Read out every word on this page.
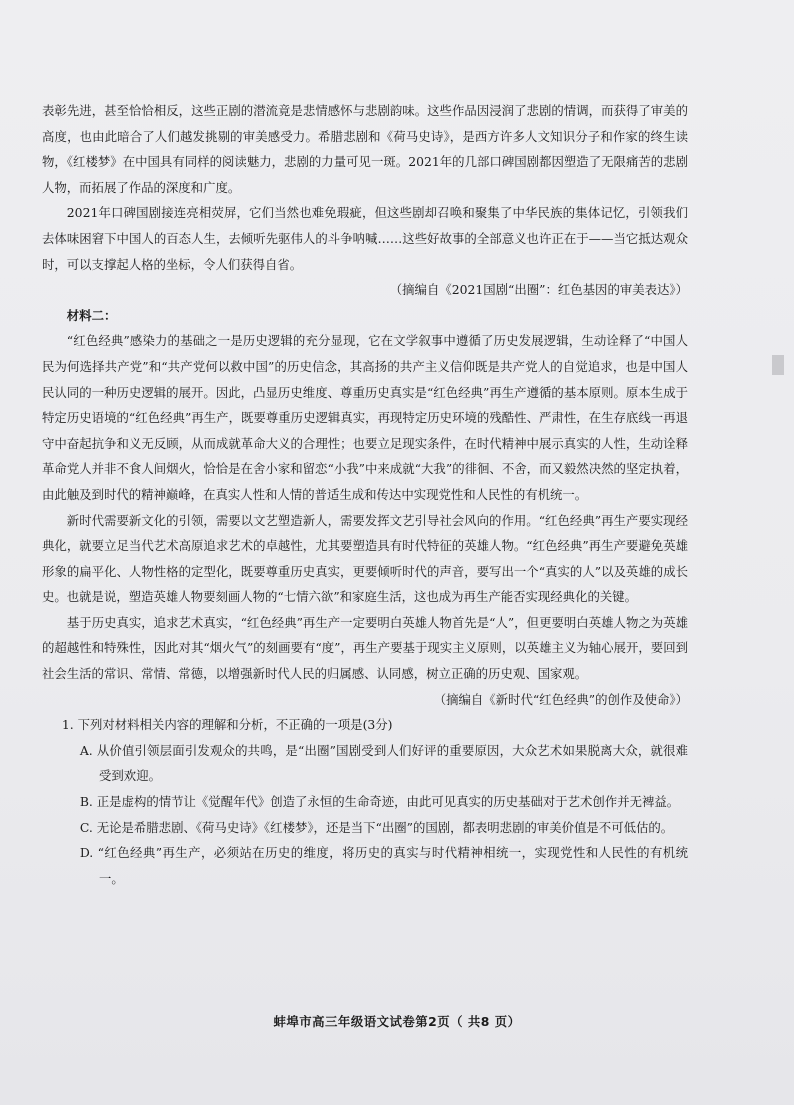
表彰先进，甚至恰恰相反，这些正剧的潜流竟是悲情感怀与悲剧韵味。这些作品因浸润了悲剧的情调，而获得了审美的高度，也由此暗合了人们越发挑剔的审美感受力。希腊悲剧和《荷马史诗》，是西方许多人文知识分子和作家的终生读物，《红楼梦》在中国具有同样的阅读魅力，悲剧的力量可见一斑。2021年的几部口碑国剧都因塑造了无限痛苦的悲剧人物，而拓展了作品的深度和广度。

2021年口碑国剧接连亮相荧屏，它们当然也难免瑕疵，但这些剧却召唤和聚集了中华民族的集体记忆，引领我们去体味困窘下中国人的百态人生，去倾听先驱伟人的斗争呐喊……这些好故事的全部意义也许正在于——当它抵达观众时，可以支撑起人格的坐标，令人们获得自省。

（摘编自《2021国剧“出圈”：红色基因的审美表达》）

材料二：

“红色经典”感染力的基础之一是历史逻辑的充分显现，它在文学叙事中遵循了历史发展逻辑，生动诠释了“中国人民为何选择共产党”和“共产党何以救中国”的历史信念，其高扬的共产主义信仰既是共产党人的自觉追求，也是中国人民认同的一种历史逻辑的展开。因此，凸显历史维度、尊重历史真实是“红色经典”再生产遵循的基本原则。原本生成于特定历史语境的“红色经典”再生产，既要尊重历史逻辑真实，再现特定历史环境的残酷性、严肃性，在生存底线一再退守中奋起抗争和义无反顾，从而成就革命大义的合理性；也要立足现实条件，在时代精神中展示真实的人性，生动诠释革命党人并非不食人间烟火，恰恰是在舍小家和留恋“小我”中来成就“大我”的徘徊、不舍，而又毅然决然的坚定执着，由此触及到时代的精神巅峰，在真实人性和人情的普适生成和传达中实现党性和人民性的有机统一。

新时代需要新文化的引领，需要以文艺塑造新人，需要发挥文艺引导社会风向的作用。“红色经典”再生产要实现经典化，就要立足当代艺术高原追求艺术的卓越性，尤其要塑造具有时代特征的英雄人物。“红色经典”再生产要避免英雄形象的扁平化、人物性格的定型化，既要尊重历史真实，更要倾听时代的声音，要写出一个“真实的人”以及英雄的成长史。也就是说，塑造英雄人物要刻画人物的“七情六欲”和家庭生活，这也成为再生产能否实现经典化的关键。

基于历史真实，追求艺术真实，“红色经典”再生产一定要明白英雄人物首先是“人”，但更要明白英雄人物之为英雄的超越性和特殊性，因此对其“烟火气”的刻画要有“度”，再生产要基于现实主义原则，以英雄主义为轴心展开，要回到社会生活的常识、常情、常德，以增强新时代人民的归属感、认同感，树立正确的历史观、国家观。

（摘编自《新时代“红色经典”的创作及使命》）

1. 下列对材料相关内容的理解和分析，不正确的一项是(3分)

A. 从价值引领层面引发观众的共鸣，是“出圈”国剧受到人们好评的重要原因，大众艺术如果脱离大众，就很难受到欢迎。

B. 正是虚构的情节让《觉醒年代》创造了永恒的生命奇迹，由此可见真实的历史基础对于艺术创作并无裨益。

C. 无论是希腊悲剧、《荷马史诗》《红楼梦》，还是当下“出圈”的国剧，都表明悲剧的审美价值是不可低估的。

D. “红色经典”再生产，必须站在历史的维度，将历史的真实与时代精神相统一，实现党性和人民性的有机统一。

蚌埠市高三年级语文试卷第2页（ 共8 页）
